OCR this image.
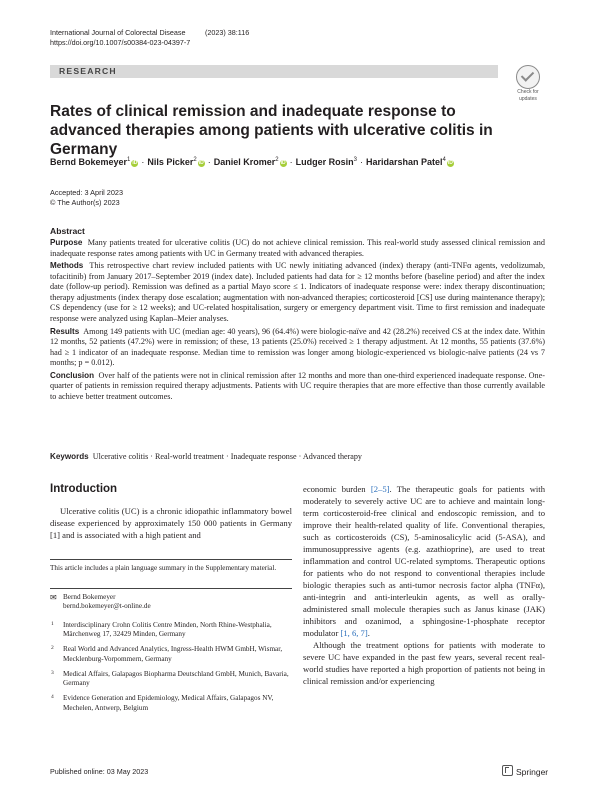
International Journal of Colorectal Disease	(2023) 38:116
https://doi.org/10.1007/s00384-023-04397-7
RESEARCH
Check for
updates
Rates of clinical remission and inadequate response to advanced therapies among patients with ulcerative colitis in Germany
Bernd Bokemeyer$^1$ iD · Nils Picker$^2$ iD · Daniel Kromer$^2$ iD · Ludger Rosin$^3$ · Haridarshan Patel$^4$ iD
Accepted: 3 April 2023
© The Author(s) 2023
Abstract

Purpose Many patients treated for ulcerative colitis (UC) do not achieve clinical remission. This real-world study assessed clinical remission and inadequate response rates among patients with UC in Germany treated with advanced therapies.

Methods This retrospective chart review included patients with UC newly initiating advanced (index) therapy (anti-TNFα agents, vedolizumab, tofacitinib) from January 2017–September 2019 (index date). Included patients had data for ≥ 12 months before (baseline period) and after the index date (follow-up period). Remission was defined as a partial Mayo score ≤ 1. Indicators of inadequate response were: index therapy discontinuation; therapy adjustments (index therapy dose escalation; augmentation with non-advanced therapies; corticosteroid [CS] use during maintenance therapy); CS dependency (use for ≥ 12 weeks); and UC-related hospitalisation, surgery or emergency department visit. Time to first remission and inadequate response were analyzed using Kaplan–Meier analyses.

Results Among 149 patients with UC (median age: 40 years), 96 (64.4%) were biologic-naïve and 42 (28.2%) received CS at the index date. Within 12 months, 52 patients (47.2%) were in remission; of these, 13 patients (25.0%) received ≥ 1 therapy adjustment. At 12 months, 55 patients (37.6%) had ≥ 1 indicator of an inadequate response. Median time to remission was longer among biologic-experienced vs biologic-naïve patients (24 vs 7 months; p = 0.012).

Conclusion Over half of the patients were not in clinical remission after 12 months and more than one-third experienced inadequate response. One-quarter of patients in remission required therapy adjustments. Patients with UC require therapies that are more effective than those currently available to achieve better treatment outcomes.

Keywords Ulcerative colitis · Real-world treatment · Inadequate response · Advanced therapy
Introduction

Ulcerative colitis (UC) is a chronic idiopathic inflammatory bowel disease experienced by approximately 150 000 patients in Germany [1] and is associated with a high patient and

This article includes a plain language summary in the Supplementary material.
✉ Bernd Bokemeyer
bernd.bokemeyer@t-online.de
1 Interdisciplinary Crohn Colitis Centre Minden, North Rhine-Westphalia, Märchenweg 17, 32429 Minden, Germany
2 Real World and Advanced Analytics, Ingress-Health HWM GmbH, Wismar, Mecklenburg-Vorpommern, Germany
3 Medical Affairs, Galapagos Biopharma Deutschland GmbH, Munich, Bavaria, Germany
4 Evidence Generation and Epidemiology, Medical Affairs, Galapagos NV, Mechelen, Antwerp, Belgium

economic burden [2–5]. The therapeutic goals for patients with moderately to severely active UC are to achieve and maintain long-term corticosteroid-free clinical and endoscopic remission, and to improve their health-related quality of life. Conventional therapies, such as corticosteroids (CS), 5-aminosalicylic acid (5-ASA), and immunosuppressive agents (e.g. azathioprine), are used to treat inflammation and control UC-related symptoms. Therapeutic options for patients who do not respond to conventional therapies include biologic therapies such as anti-tumor necrosis factor alpha (TNFα), anti-integrin and anti-interleukin agents, as well as orally-administered small molecule therapies such as Janus kinase (JAK) inhibitors and ozanimod, a sphingosine-1-phosphate receptor modulator [1, 6, 7].

Although the treatment options for patients with moderate to severe UC have expanded in the past few years, several recent real-world studies have reported a high proportion of patients not being in clinical remission and/or experiencing

Published online: 03 May 2023	Springer
